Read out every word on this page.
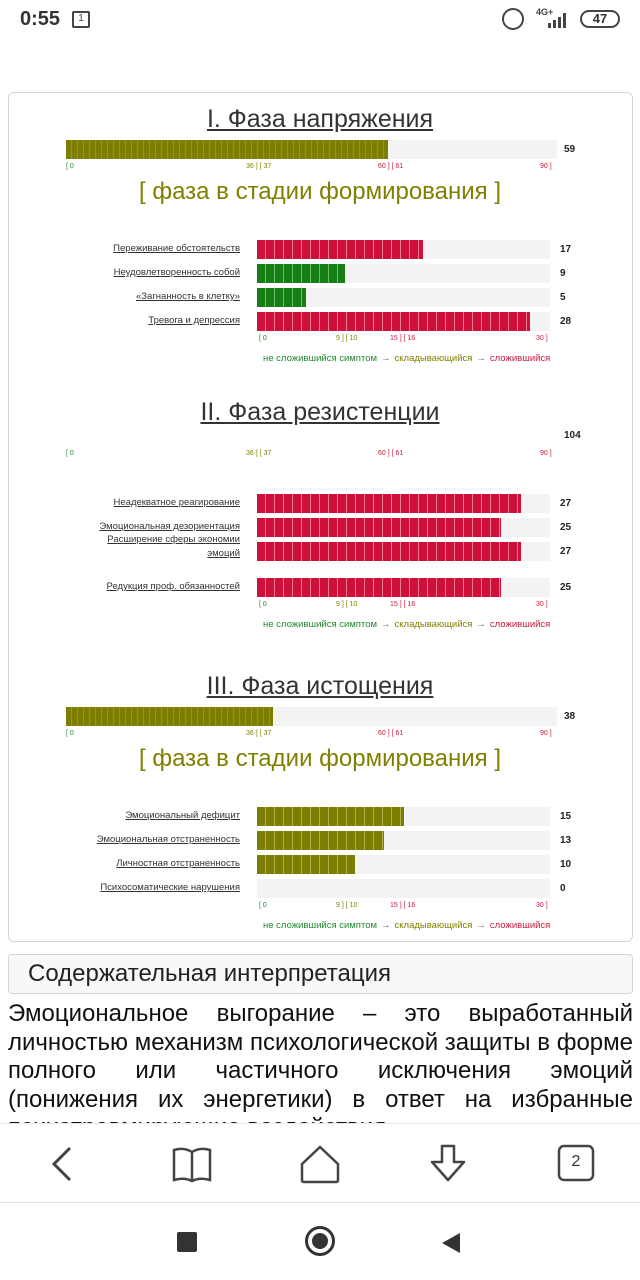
0:55	1
4G+	47
I. Фаза напряжения
59
[ 0	36 ] [ 37	60 ] [ 61	90 ]
[ фаза в стадии формирования ]
Переживание обстоятельств	17
Неудовлетворенность собой	9
«Загнанность в клетку»	5
Тревога и депрессия	28
[ 0	9 ] [ 10	15 ] [ 16	30 ]
не сложившийся симптом → складывающийся → сложившийся
II. Фаза резистенции
104
[ 0	36 ] [ 37	60 ] [ 61	90 ]
Неадекватное реагирование	27
Эмоциональная дезориентация	25
Расширение сферы экономии эмоций	27
Редукция проф. обязанностей	25
[ 0	9 ] [ 10	15 ] [ 16	30 ]
не сложившийся симптом → складывающийся → сложившийся
III. Фаза истощения
38
[ 0	36 ] [ 37	60 ] [ 61	90 ]
[ фаза в стадии формирования ]
Эмоциональный дефицит	15
Эмоциональная отстраненность	13
Личностная отстраненность	10
Психосоматические нарушения	0
[ 0	9 ] [ 10	15 ] [ 16	30 ]
не сложившийся симптом → складывающийся → сложившийся
Содержательная интерпретация
Эмоциональное выгорание – это выработанный личностью механизм психологической защиты в форме полного или частичного исключения эмоций (понижения их энергетики) в ответ на избранные
2
